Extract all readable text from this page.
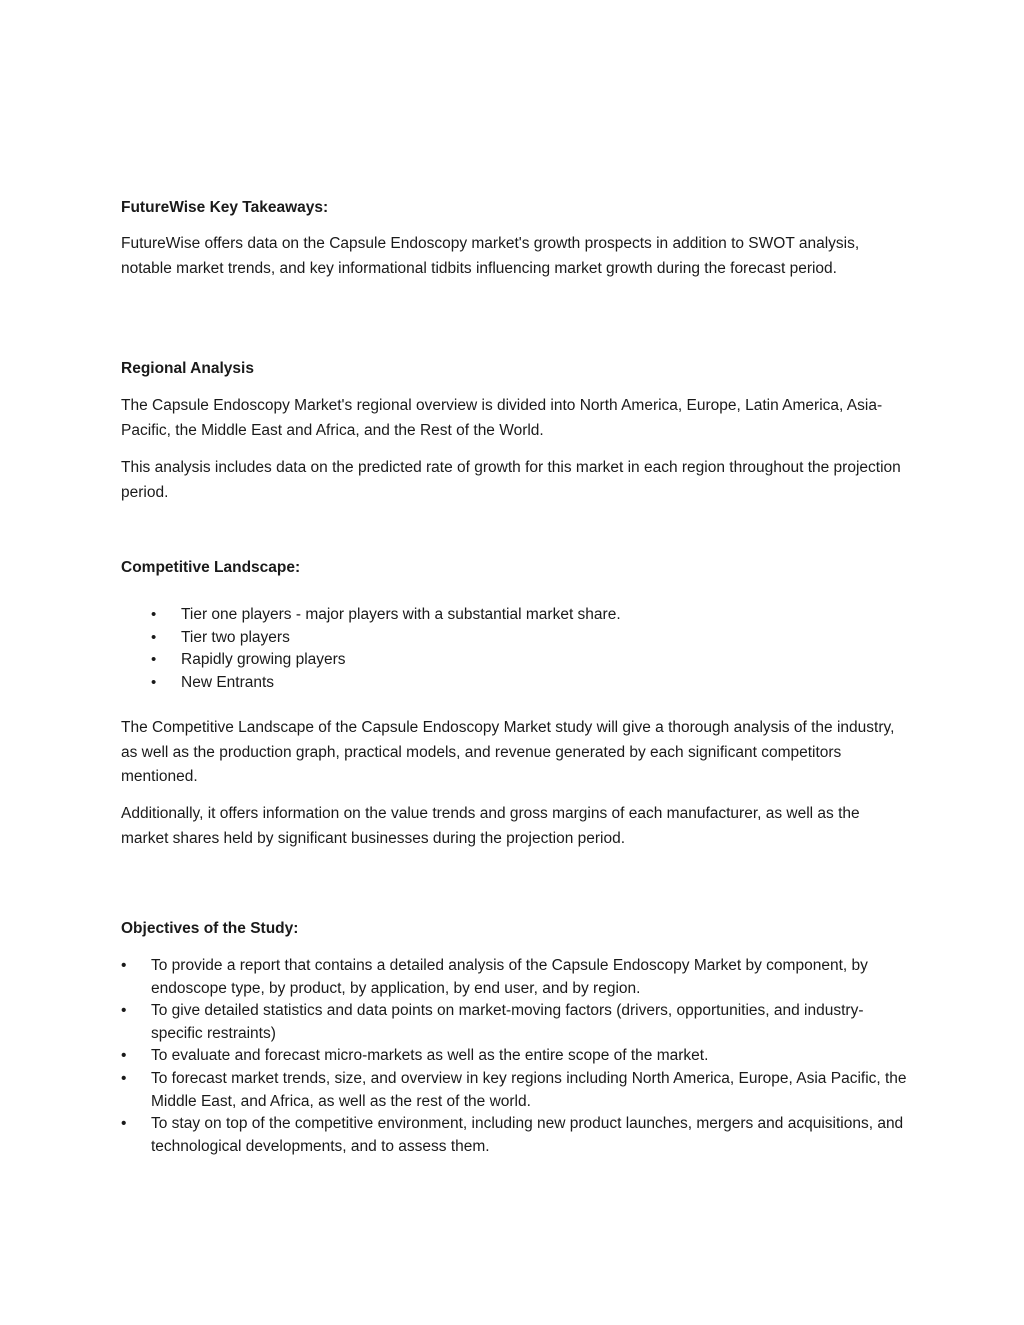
FutureWise Key Takeaways:

FutureWise offers data on the Capsule Endoscopy market's growth prospects in addition to SWOT analysis, notable market trends, and key informational tidbits influencing market growth during the forecast period.

Regional Analysis

The Capsule Endoscopy Market's regional overview is divided into North America, Europe, Latin America, Asia-Pacific, the Middle East and Africa, and the Rest of the World.

This analysis includes data on the predicted rate of growth for this market in each region throughout the projection period.

Competitive Landscape:
• Tier one players - major players with a substantial market share.
• Tier two players
• Rapidly growing players
• New Entrants

The Competitive Landscape of the Capsule Endoscopy Market study will give a thorough analysis of the industry, as well as the production graph, practical models, and revenue generated by each significant competitors mentioned.

Additionally, it offers information on the value trends and gross margins of each manufacturer, as well as the market shares held by significant businesses during the projection period.

Objectives of the Study:
• To provide a report that contains a detailed analysis of the Capsule Endoscopy Market by component, by endoscope type, by product, by application, by end user, and by region.
• To give detailed statistics and data points on market-moving factors (drivers, opportunities, and industry-specific restraints)
• To evaluate and forecast micro-markets as well as the entire scope of the market.
• To forecast market trends, size, and overview in key regions including North America, Europe, Asia Pacific, the Middle East, and Africa, as well as the rest of the world.
• To stay on top of the competitive environment, including new product launches, mergers and acquisitions, and technological developments, and to assess them.
